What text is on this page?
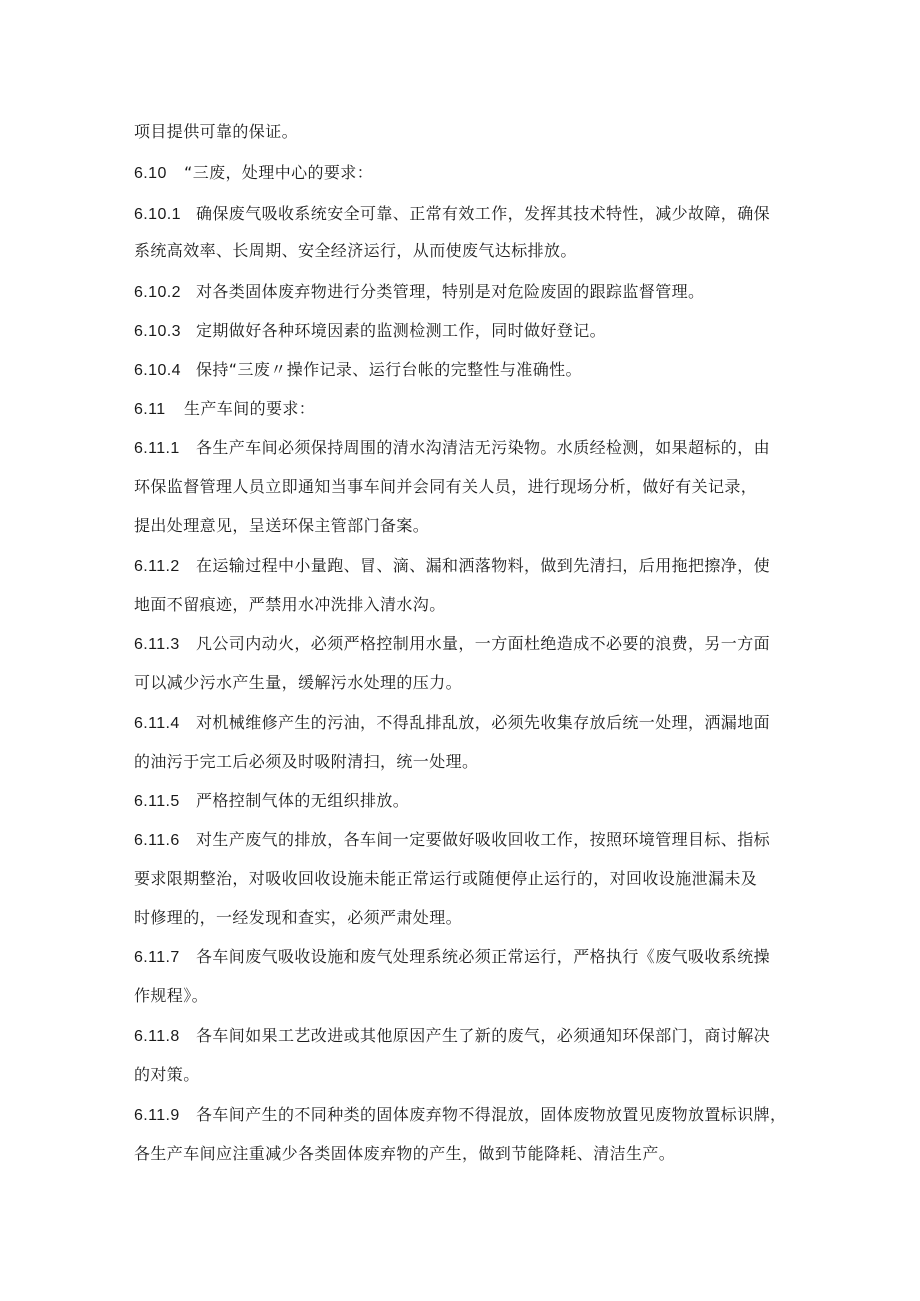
项目提供可靠的保证。
6.10 “三废，处理中心的要求：
6.10.1 确保废气吸收系统安全可靠、正常有效工作，发挥其技术特性，减少故障，确保
系统高效率、长周期、安全经济运行，从而使废气达标排放。
6.10.2 对各类固体废弃物进行分类管理，特别是对危险废固的跟踪监督管理。
6.10.3 定期做好各种环境因素的监测检测工作，同时做好登记。
6.10.4 保持“三废〃操作记录、运行台帐的完整性与准确性。
6.11 生产车间的要求：
6.11.1 各生产车间必须保持周围的清水沟清洁无污染物。水质经检测，如果超标的，由
环保监督管理人员立即通知当事车间并会同有关人员，进行现场分析，做好有关记录，
提出处理意见，呈送环保主管部门备案。
6.11.2 在运输过程中小量跑、冒、滴、漏和洒落物料，做到先清扫，后用拖把擦净，使
地面不留痕迹，严禁用水冲洗排入清水沟。
6.11.3 凡公司内动火，必须严格控制用水量，一方面杜绝造成不必要的浪费，另一方面
可以减少污水产生量，缓解污水处理的压力。
6.11.4 对机械维修产生的污油，不得乱排乱放，必须先收集存放后统一处理，洒漏地面
的油污于完工后必须及时吸附清扫，统一处理。
6.11.5 严格控制气体的无组织排放。
6.11.6 对生产废气的排放，各车间一定要做好吸收回收工作，按照环境管理目标、指标
要求限期整治，对吸收回收设施未能正常运行或随便停止运行的，对回收设施泄漏未及
时修理的，一经发现和查实，必须严肃处理。
6.11.7 各车间废气吸收设施和废气处理系统必须正常运行，严格执行《废气吸收系统操
作规程》。
6.11.8 各车间如果工艺改进或其他原因产生了新的废气，必须通知环保部门，商讨解决
的对策。
6.11.9 各车间产生的不同种类的固体废弃物不得混放，固体废物放置见废物放置标识牌，
各生产车间应注重减少各类固体废弃物的产生，做到节能降耗、清洁生产。
